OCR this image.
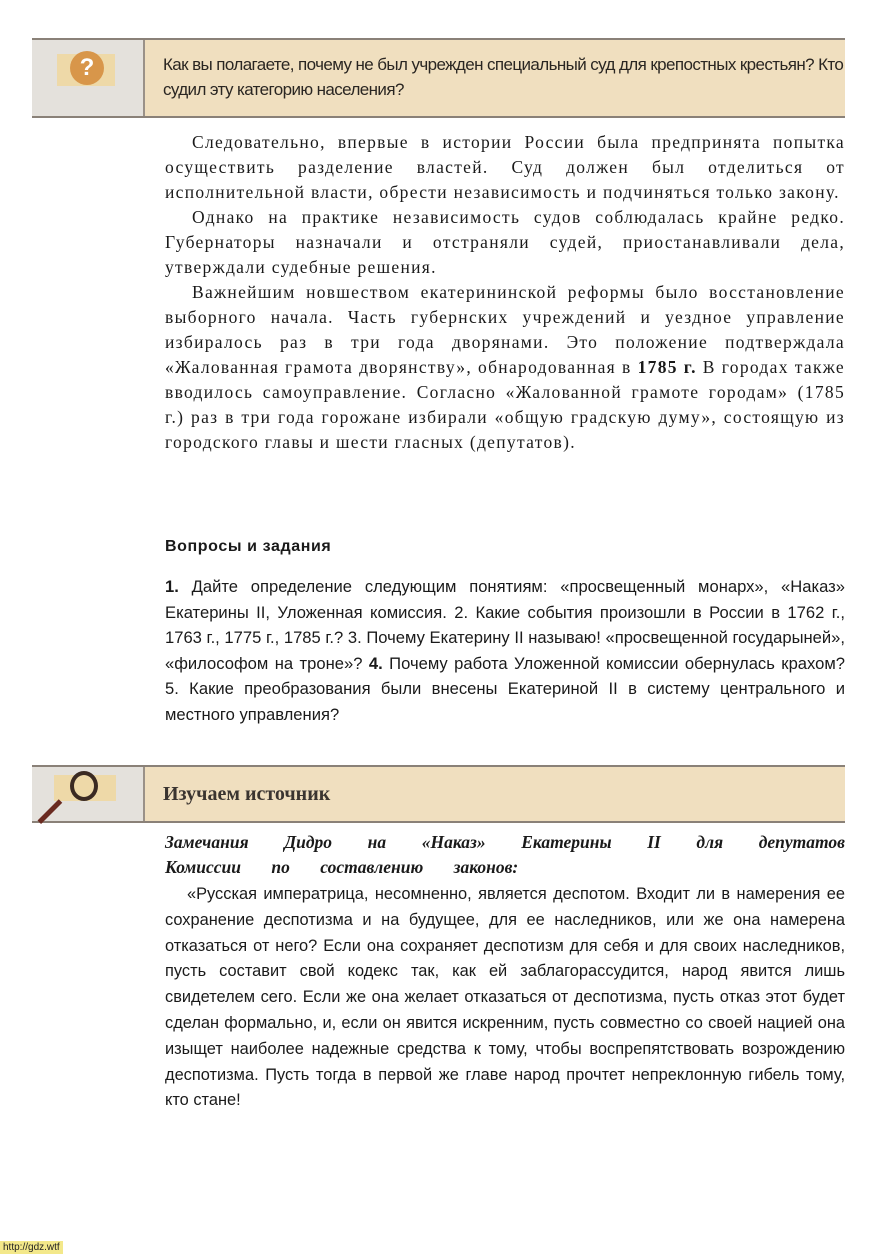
?	Как вы полагаете, почему не был учрежден специальный суд для крепостных крестьян? Кто судил эту категорию населения?

Следовательно, впервые в истории России была предпринята попытка осуществить разделение властей. Суд должен был отделиться от исполнительной власти, обрести независимость и подчиняться только закону.

Однако на практике независимость судов соблюдалась крайне редко. Губернаторы назначали и отстраняли судей, приостанавливали дела, утверждали судебные решения.

Важнейшим новшеством екатерининской реформы было восстановление выборного начала. Часть губернских учреждений и уездное управление избиралось раз в три года дворянами. Это положение подтверждала «Жалованная грамота дворянству», обнародованная в 1785 г. В городах также вводилось самоуправление. Согласно «Жалованной грамоте городам» (1785 г.) раз в три года горожане избирали «общую градскую думу», состоящую из городского главы и шести гласных (депутатов).

Вопросы и задания
1. Дайте определение следующим понятиям: «просвещенный монарх», «Наказ» Екатерины II, Уложенная комиссия. 2. Какие события произошли в России в 1762 г., 1763 г., 1775 г., 1785 г.? 3. Почему Екатерину II называю! «просвещенной государыней», «философом на троне»? 4. Почему работа Уложенной комиссии обернулась крахом? 5. Какие преобразования были внесены Екатериной II в систему центрального и местного управления?
Изучаем источник
Замечания Дидро на «Наказ» Екатерины II для депутатов
Комиссии по составлению законов:

«Русская императрица, несомненно, является деспотом. Входит ли в намерения ее сохранение деспотизма и на будущее, для ее наследников, или же она намерена отказаться от него? Если она сохраняет деспотизм для себя и для своих наследников, пусть составит свой кодекс так, как ей заблагорассудится, народ явится лишь свидетелем сего. Если же она желает отказаться от деспотизма, пусть отказ этот будет сделан формально, и, если он явится искренним, пусть совместно со своей нацией она изыщет наиболее надежные средства к тому, чтобы воспрепятствовать возрождению деспотизма. Пусть тогда в первой же главе народ прочтет непреклонную гибель тому, кто стане!

http://gdz.wtf
